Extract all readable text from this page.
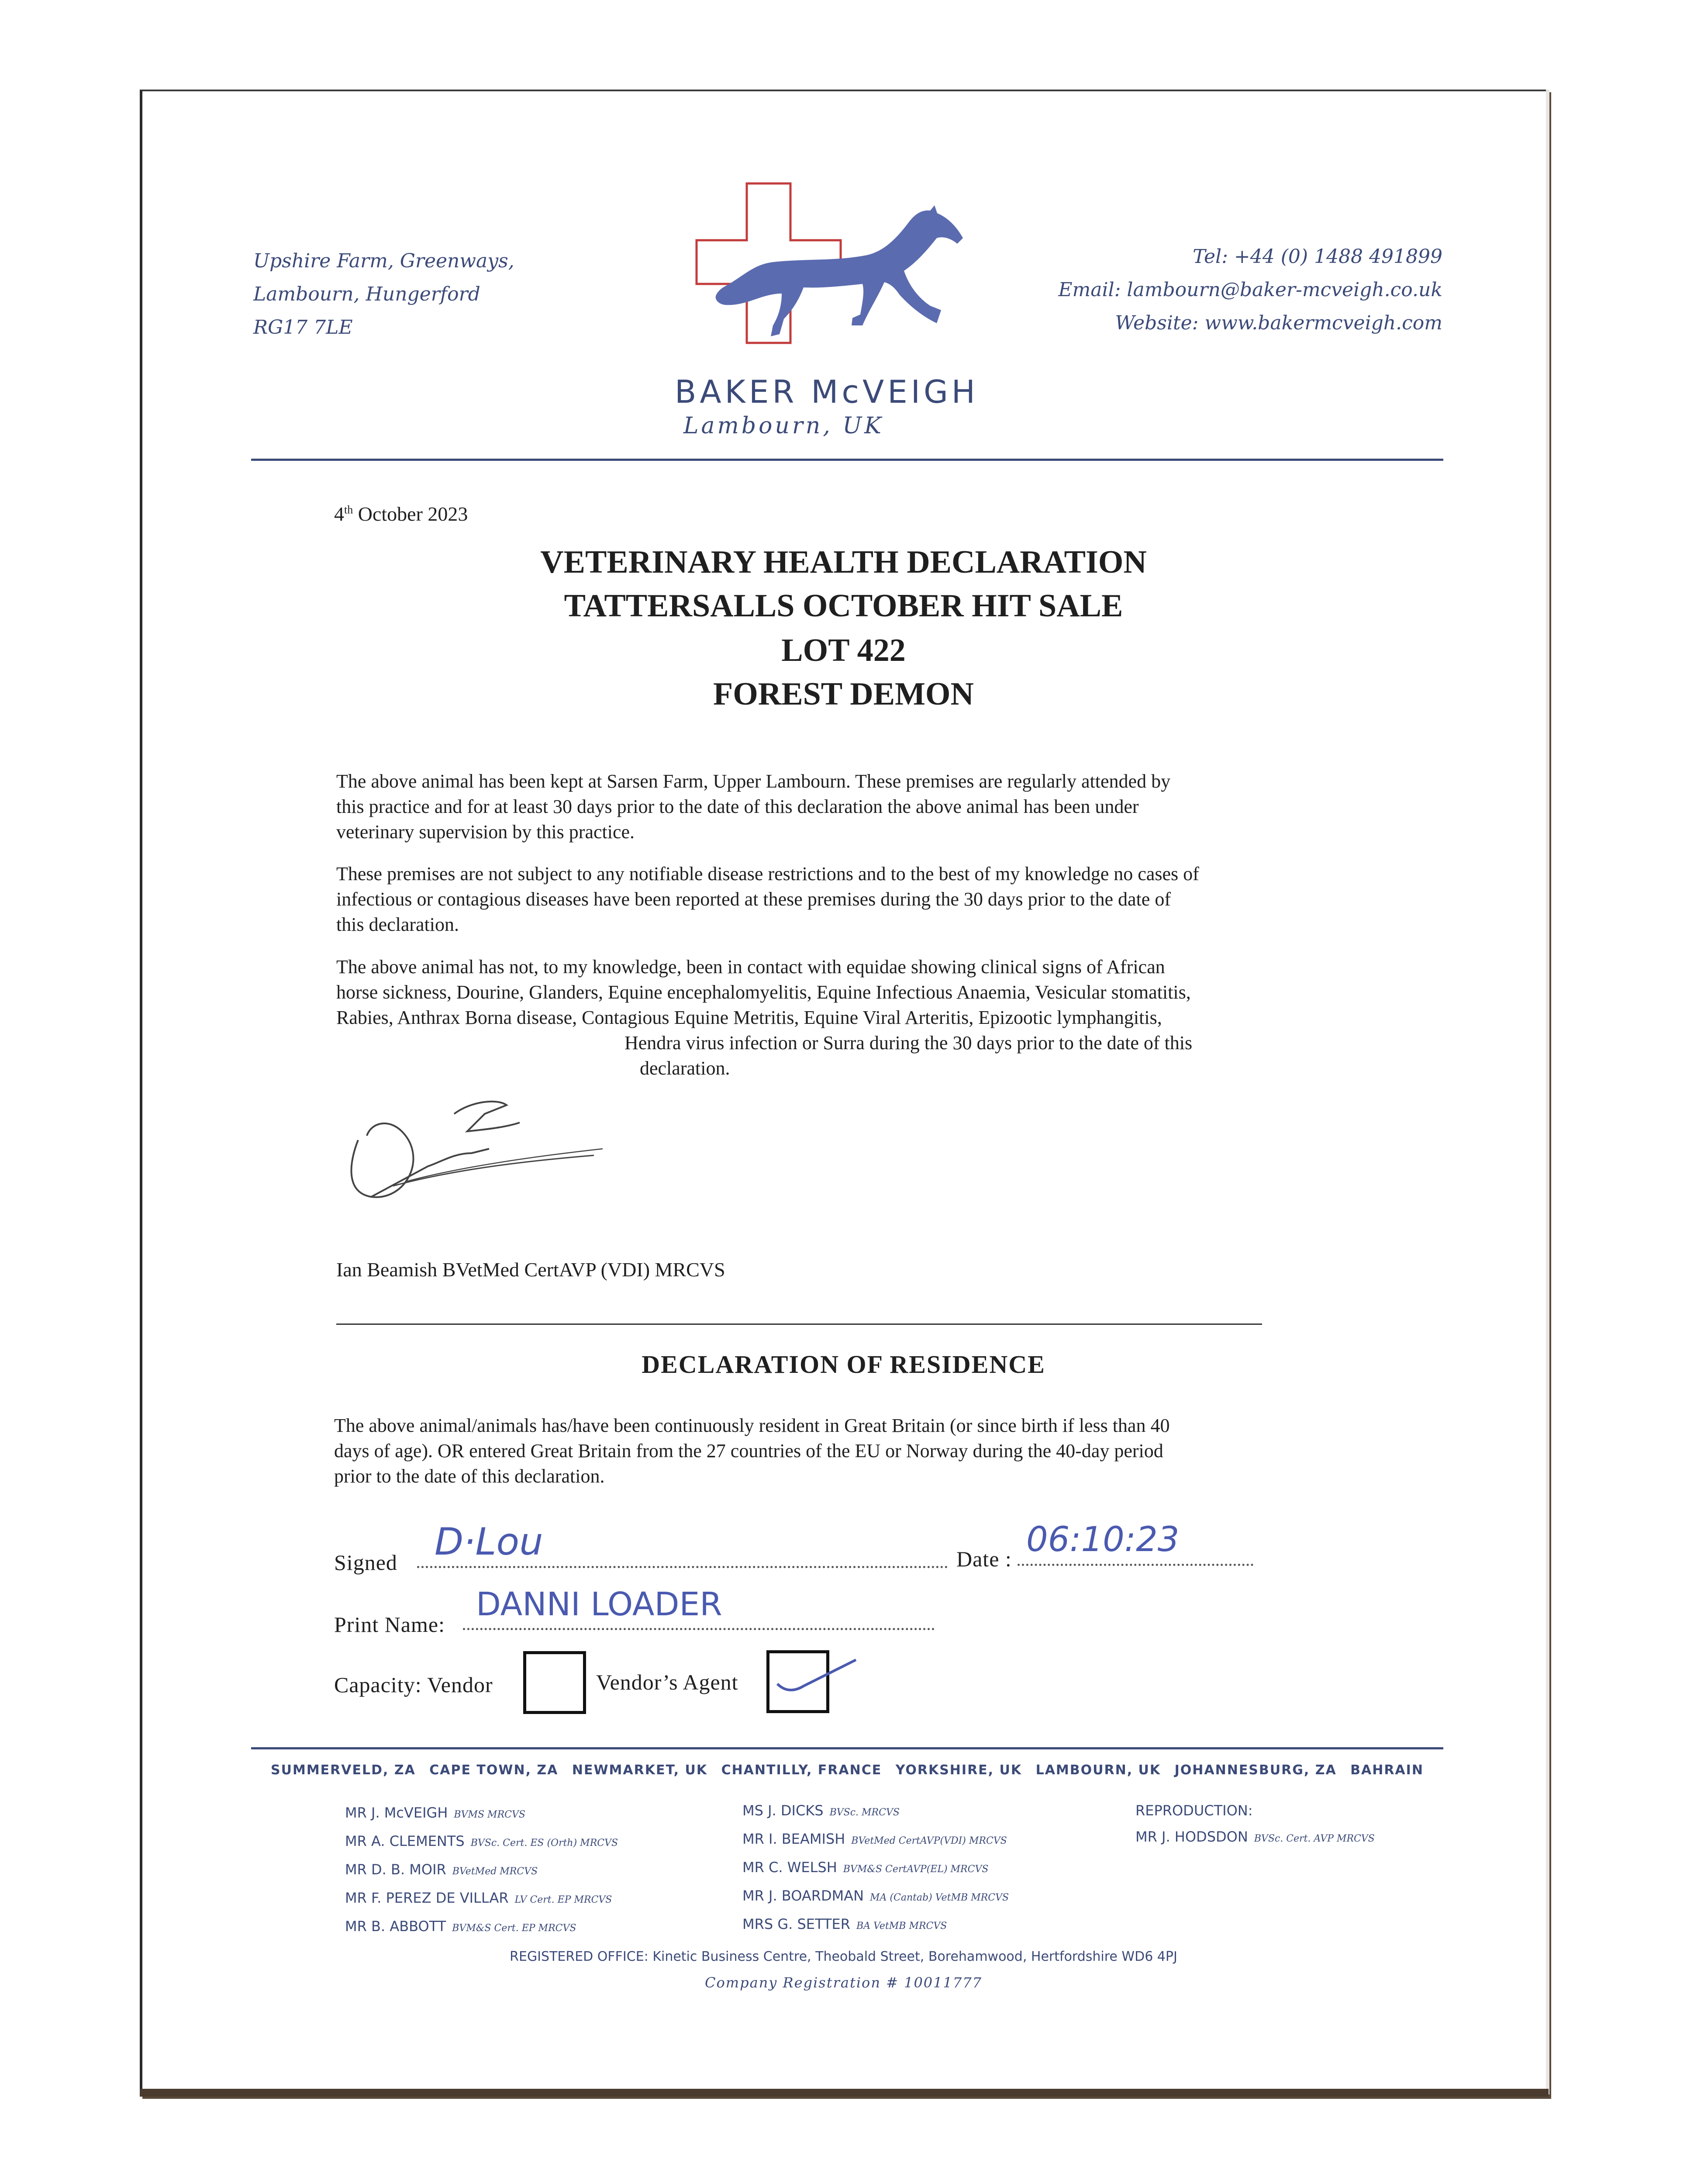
Upshire Farm, Greenways,
Lambourn, Hungerford
RG17 7LE
Tel: +44 (0) 1488 491899
Email: lambourn@baker-mcveigh.co.uk
Website: www.bakermcveigh.com
BAKER McVEIGH
Lambourn, UK
4th October 2023
VETERINARY HEALTH DECLARATION
TATTERSALLS OCTOBER HIT SALE
LOT 422
FOREST DEMON
The above animal has been kept at Sarsen Farm, Upper Lambourn. These premises are regularly attended by
this practice and for at least 30 days prior to the date of this declaration the above animal has been under
veterinary supervision by this practice.
These premises are not subject to any notifiable disease restrictions and to the best of my knowledge no cases of
infectious or contagious diseases have been reported at these premises during the 30 days prior to the date of
this declaration.
The above animal has not, to my knowledge, been in contact with equidae showing clinical signs of African
horse sickness, Dourine, Glanders, Equine encephalomyelitis, Equine Infectious Anaemia, Vesicular stomatitis,
Rabies, Anthrax Borna disease, Contagious Equine Metritis, Equine Viral Arteritis, Epizootic lymphangitis,
Hendra virus infection or Surra during the 30 days prior to the date of this
declaration.
Ian Beamish BVetMed CertAVP (VDI) MRCVS
DECLARATION OF RESIDENCE
The above animal/animals has/have been continuously resident in Great Britain (or since birth if less than 40
days of age). OR entered Great Britain from the 27 countries of the EU or Norway during the 40-day period
prior to the date of this declaration.
Signed D·Lou	Date : 06:10:23
Print Name:
DANNI LOADER
Capacity: Vendor	Vendor’s Agent
SUMMERVELD, ZA CAPE TOWN, ZA NEWMARKET, UK CHANTILLY, FRANCE YORKSHIRE, UK LAMBOURN, UK JOHANNESBURG, ZA BAHRAIN
MR J. McVEIGH BVMS MRCVS
MR A. CLEMENTS BVSc. Cert. ES (Orth) MRCVS
MR D. B. MOIR BVetMed MRCVS
MR F. PEREZ DE VILLAR LV Cert. EP MRCVS
MR B. ABBOTT BVM&S Cert. EP MRCVS
MS J. DICKS BVSc. MRCVS
MR I. BEAMISH BVetMed CertAVP(VDI) MRCVS
MR C. WELSH BVM&S CertAVP(EL) MRCVS
MR J. BOARDMAN MA (Cantab) VetMB MRCVS
MRS G. SETTER BA VetMB MRCVS
REPRODUCTION:
MR J. HODSDON BVSc. Cert. AVP MRCVS
REGISTERED OFFICE: Kinetic Business Centre, Theobald Street, Borehamwood, Hertfordshire WD6 4PJ
Company Registration # 10011777
